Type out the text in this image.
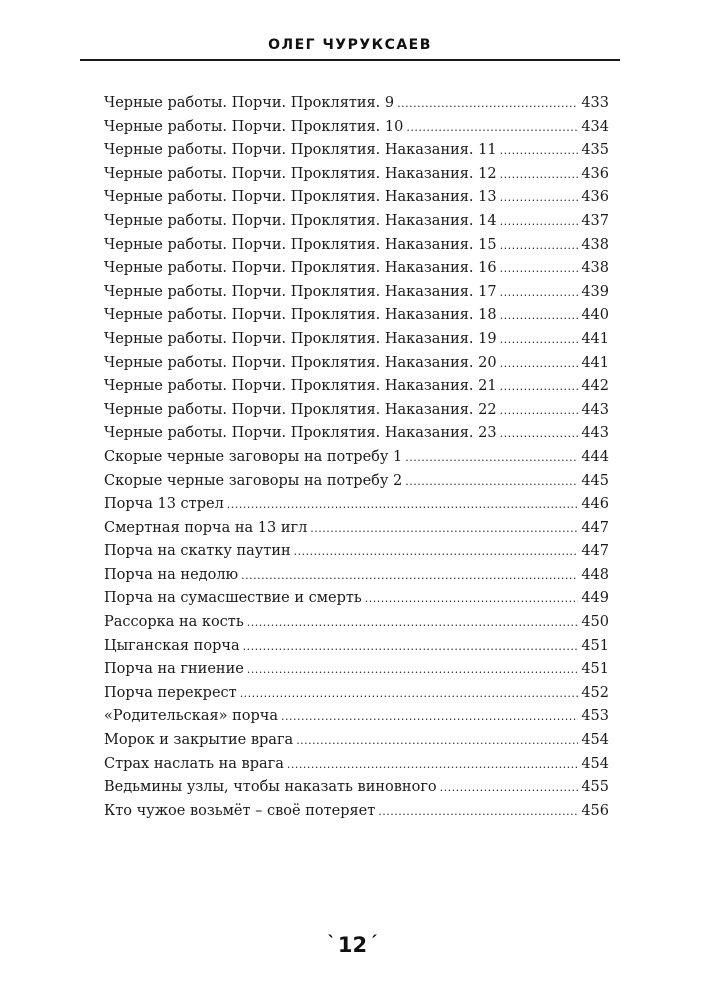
ОЛЕГ ЧУРУКСАЕВ
Черные работы. Порчи. Проклятия. 9 .....	433
Черные работы. Порчи. Проклятия. 10 .....	434
Черные работы. Порчи. Проклятия. Наказания. 11 .....	435
Черные работы. Порчи. Проклятия. Наказания. 12 .....	436
Черные работы. Порчи. Проклятия. Наказания. 13 .....	436
Черные работы. Порчи. Проклятия. Наказания. 14 .....	437
Черные работы. Порчи. Проклятия. Наказания. 15 .....	438
Черные работы. Порчи. Проклятия. Наказания. 16 .....	438
Черные работы. Порчи. Проклятия. Наказания. 17 .....	439
Черные работы. Порчи. Проклятия. Наказания. 18 .....	440
Черные работы. Порчи. Проклятия. Наказания. 19 .....	441
Черные работы. Порчи. Проклятия. Наказания. 20 .....	441
Черные работы. Порчи. Проклятия. Наказания. 21 .....	442
Черные работы. Порчи. Проклятия. Наказания. 22 .....	443
Черные работы. Порчи. Проклятия. Наказания. 23 .....	443
Скорые черные заговоры на потребу 1 .....	444
Скорые черные заговоры на потребу 2 .....	445
Порча 13 стрел .....	446
Смертная порча на 13 игл .....	447
Порча на скатку паутин .....	447
Порча на недолю .....	448
Порча на сумасшествие и смерть .....	449
Рассорка на кость .....	450
Цыганская порча .....	451
Порча на гниение .....	451
Порча перекрест .....	452
«Родительская» порча .....	453
Морок и закрытие врага .....	454
Страх наслать на врага .....	454
Ведьмины узлы, чтобы наказать виновного .....	455
Кто чужое возьмёт – своё потеряет .....	456
`12 ´
